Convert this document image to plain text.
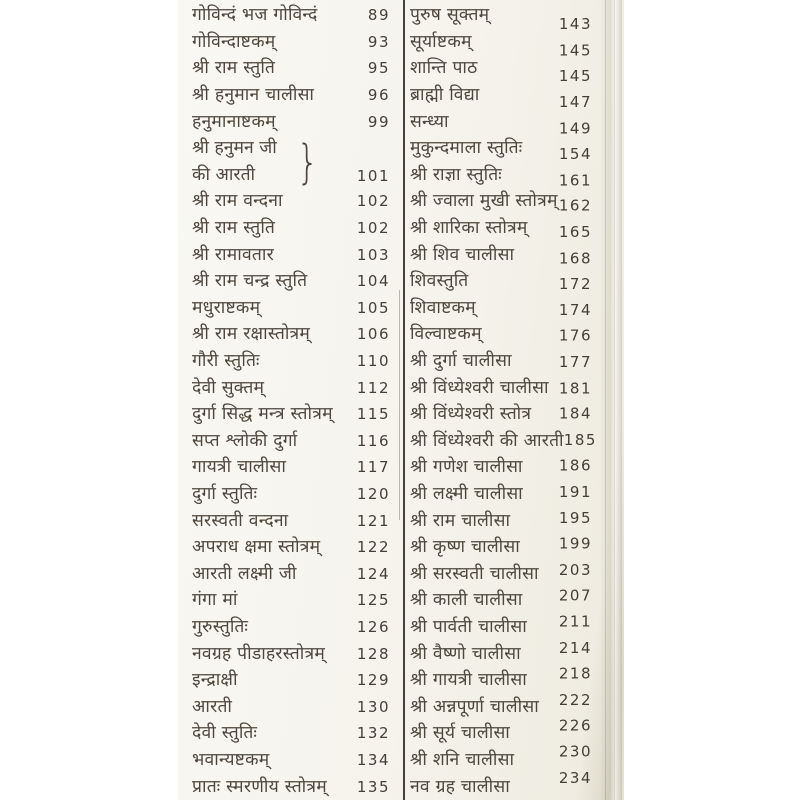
गोविन्दं भज गोविन्दं	89
गोविन्दाष्टकम्	93
श्री राम स्तुति	95
श्री हनुमान चालीसा	96
हनुमानाष्टकम्	99
श्री हनुमन जी
की आरती }	101
श्री राम वन्दना	102
श्री राम स्तुति	102
श्री रामावतार	103
श्री राम चन्द्र स्तुति	104
मधुराष्टकम्	105
श्री राम रक्षास्तोत्रम्	106
गौरी स्तुतिः	110
देवी सुक्तम्	112
दुर्गा सिद्ध मन्त्र स्तोत्रम् 115
सप्त श्लोकी दुर्गा	116
गायत्री चालीसा	117
दुर्गा स्तुतिः	120
सरस्वती वन्दना	121
अपराध क्षमा स्तोत्रम् 122
आरती लक्ष्मी जी	124
गंगा मां	125
गुरुस्तुतिः	126
नवग्रह पीडाहरस्तोत्रम् 128
इन्द्राक्षी	129
आरती	130
देवी स्तुतिः	132
भवान्यष्टकम्	134
प्रातः स्मरणीय स्तोत्रम् 135
पुरुष सूक्तम्	143
सूर्याष्टकम्	145
शान्ति पाठ	145
ब्राह्मी विद्या	147
सन्ध्या	149
मुकुन्दमाला स्तुतिः 154
श्री राज्ञा स्तुतिः	161
श्री ज्वाला मुखी स्तोत्रम् 162
श्री शारिका स्तोत्रम् 165
श्री शिव चालीसा	168
शिवस्तुति	172
शिवाष्टकम्	174
विल्वाष्टकम्	176
श्री दुर्गा चालीसा	177
श्री विंध्येश्वरी चालीसा 181
श्री विंध्येश्वरी स्तोत्र 184
श्री विंध्येश्वरी की आरती 185
श्री गणेश चालीसा 186
श्री लक्ष्मी चालीसा 191
श्री राम चालीसा	195
श्री कृष्ण चालीसा	199
श्री सरस्वती चालीसा 203
श्री काली चालीसा 207
श्री पार्वती चालीसा 211
श्री वैष्णो चालीसा	214
श्री गायत्री चालीसा 218
श्री अन्नपूर्णा चालीसा 222
श्री सूर्य चालीसा	226
श्री शनि चालीसा	230
नव ग्रह चालीसा	234
